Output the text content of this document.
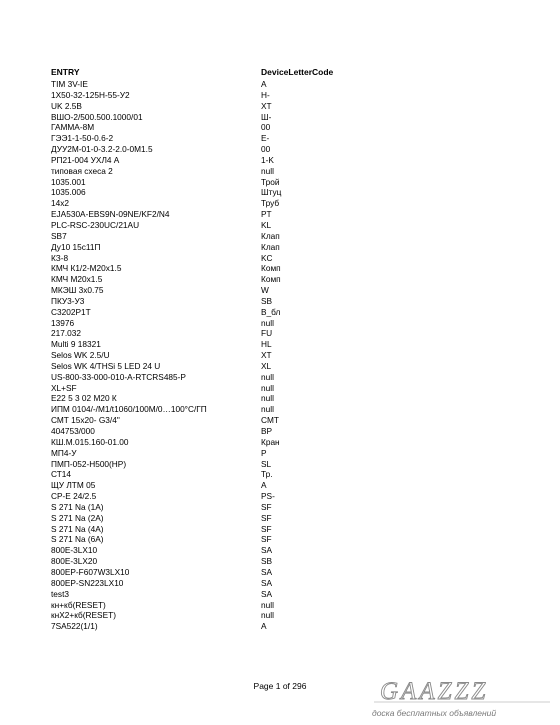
ENTRY	DeviceLetterCode
TIM 3V-IE	A
1X50-32-125H-55-У2	H-
UK 2.5B	XT
ВШО-2/500.500.1000/01	Ш-
ГАММА-8М	00
ГЭЭ1-1-50-0.6-2	E-
ДУУ2М-01-0-3.2-2.0-0М1.5	00
РП21-004 УХЛ4 А	1-K
типовая схеса 2	null
1035.001	Трой
1035.006	Штуц
14x2	Труб
EJA530A-EBS9N-09NE/KF2/N4	PT
PLC-RSC-230UC/21AU	KL
SB7	Клап
Ду10 15с11П	Клап
КЗ-8	KC
КМЧ К1/2-М20x1.5	Комп
КМЧ М20x1.5	Комп
МКЭШ 3x0.75	W
ПКУ3-У3	SB
С3202Р1Т	B_бл
13976	null
217.032	FU
Multi 9 18321	HL
Selos WK 2.5/U	XT
Selos WK 4/THSi 5 LED 24 U	XL
US-800-33-000-010-A-RTCRS485-P	null
XL+SF	null
Е22 5 3 02 М20 К	null
ИПМ 0104/-/М1/t1060/100М/0…100°С/ГП	null
СМТ 15x20- G3/4"	CMT
404753/000	BP
КШ.М.015.160-01.00	Кран
МП4-У	P
ПМП-052-Н500(НР)	SL
СТ14	Тр.
ЩУ ЛТМ 05	A
CP-E 24/2.5	PS-
S 271 Na (1A)	SF
S 271 Na (2A)	SF
S 271 Na (4A)	SF
S 271 Na (6A)	SF
800E-3LX10	SA
800E-3LX20	SB
800EP-F607W3LX10	SA
800EP-SN223LX10	SA
test3	SA
кн+кб(RESET)	null
кнХ2+кб(RESET)	null
7SA522(1/1)	A
Page 1 of 296	GAAZZZ
доска бесплатных объявлений
